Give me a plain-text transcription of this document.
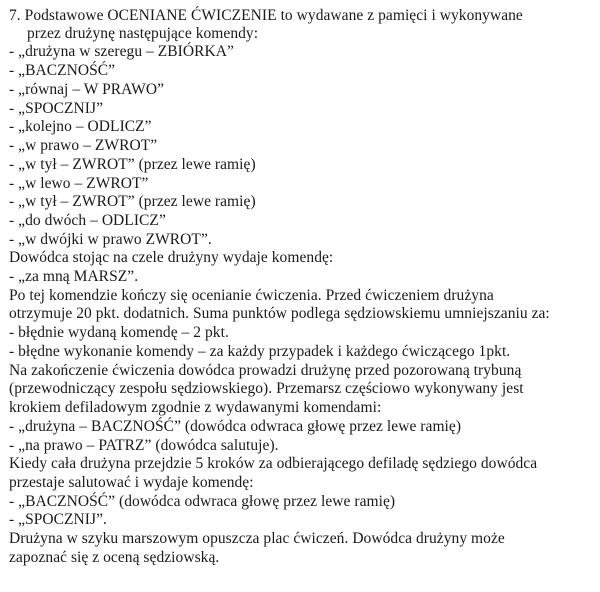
7. Podstawowe OCENIANE ĆWICZENIE to wydawane z pamięci i wykonywane
przez drużynę następujące komendy:
- „drużyna w szeregu – ZBIÓRKA”
- „BACZNOŚĆ”
- „równaj – W PRAWO”
- „SPOCZNIJ”
- „kolejno – ODLICZ”
- „w prawo – ZWROT”
- „w tył – ZWROT” (przez lewe ramię)
- „w lewo – ZWROT”
- „w tył – ZWROT” (przez lewe ramię)
- „do dwóch – ODLICZ”
- „w dwójki w prawo ZWROT”.
Dowódca stojąc na czele drużyny wydaje komendę:
- „za mną MARSZ”.
Po tej komendzie kończy się ocenianie ćwiczenia. Przed ćwiczeniem drużyna
otrzymuje 20 pkt. dodatnich. Suma punktów podlega sędziowskiemu umniejszaniu za:
- błędnie wydaną komendę – 2 pkt.
- błędne wykonanie komendy – za każdy przypadek i każdego ćwiczącego 1pkt.
Na zakończenie ćwiczenia dowódca prowadzi drużynę przed pozorowaną trybuną
(przewodniczący zespołu sędziowskiego). Przemarsz częściowo wykonywany jest
krokiem defiladowym zgodnie z wydawanymi komendami:
- „drużyna – BACZNOŚĆ” (dowódca odwraca głowę przez lewe ramię)
- „na prawo – PATRZ” (dowódca salutuje).
Kiedy cała drużyna przejdzie 5 kroków za odbierającego defiladę sędziego dowódca
przestaje salutować i wydaje komendę:
- „BACZNOŚĆ” (dowódca odwraca głowę przez lewe ramię)
- „SPOCZNIJ”.
Drużyna w szyku marszowym opuszcza plac ćwiczeń. Dowódca drużyny może
zapoznać się z oceną sędziowską.
